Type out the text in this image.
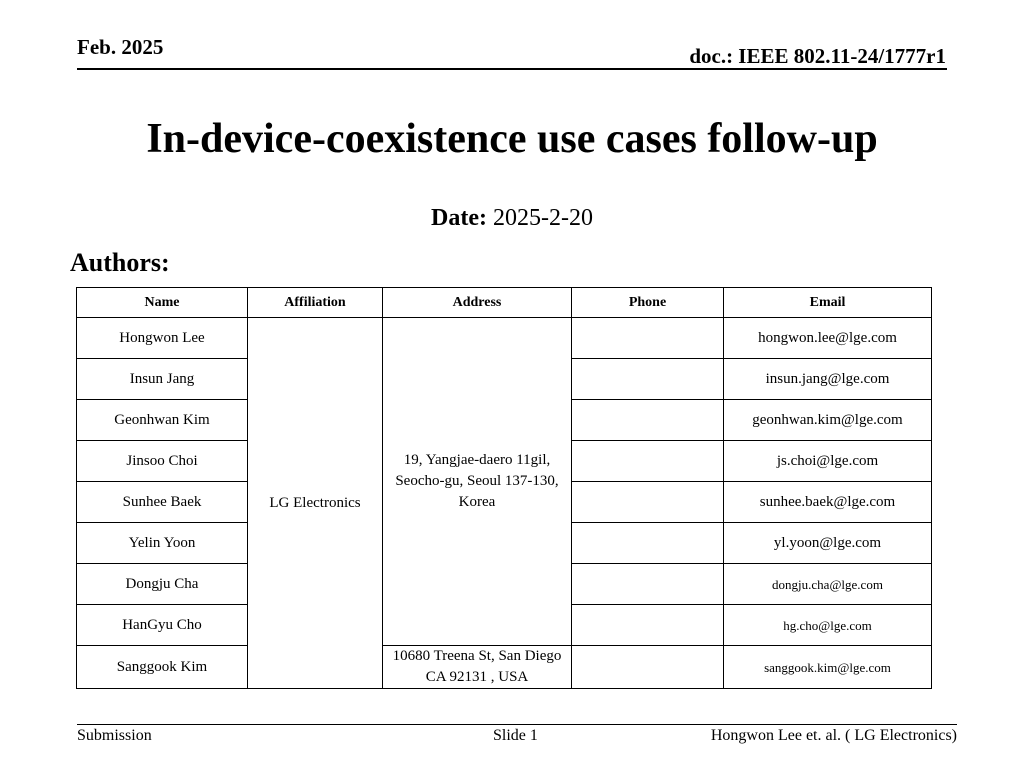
Feb. 2025	doc.: IEEE 802.11-24/1777r1
In-device-coexistence use cases follow-up
Date: 2025-2-20
Authors:
Name	Affiliation	Address	Phone	Email
Hongwon Lee	LG Electronics	19, Yangjae-daero 11gil, Seocho-gu, Seoul 137-130, Korea		hongwon.lee@lge.com
Insun Jang				insun.jang@lge.com
Geonhwan Kim				geonhwan.kim@lge.com
Jinsoo Choi				js.choi@lge.com
Sunhee Baek				sunhee.baek@lge.com
Yelin Yoon				yl.yoon@lge.com
Dongju Cha				dongju.cha@lge.com
HanGyu Cho				hg.cho@lge.com
Sanggook Kim		10680 Treena St, San Diego CA 92131 , USA		sanggook.kim@lge.com
Submission	Slide 1	Hongwon Lee et. al. ( LG Electronics)
